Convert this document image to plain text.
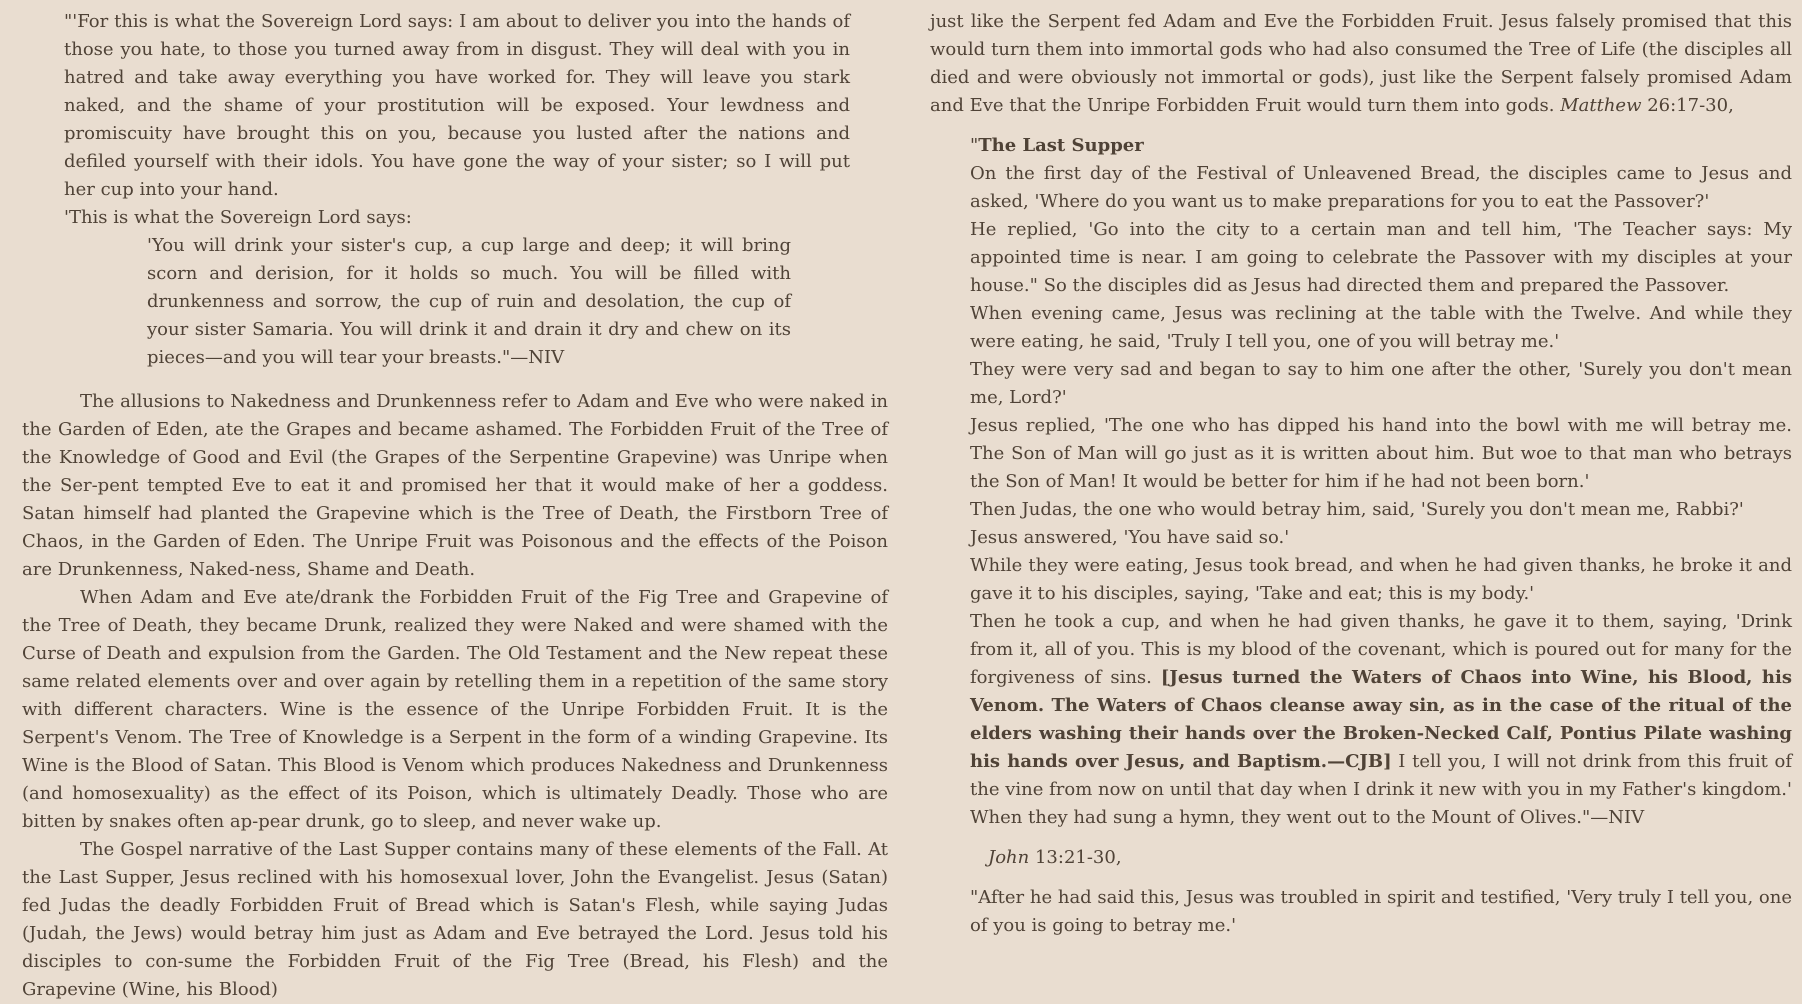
"'For this is what the Sovereign Lord says: I am about to deliver you into the hands of those you hate, to those you turned away from in disgust. They will deal with you in hatred and take away everything you have worked for. They will leave you stark naked, and the shame of your prostitution will be exposed. Your lewdness and promiscuity have brought this on you, because you lusted after the nations and defiled yourself with their idols. You have gone the way of your sister; so I will put her cup into your hand.

'This is what the Sovereign Lord says:

'You will drink your sister's cup, a cup large and deep; it will bring scorn and derision, for it holds so much. You will be filled with drunkenness and sorrow, the cup of ruin and desolation, the cup of your sister Samaria. You will drink it and drain it dry and chew on its pieces—and you will tear your breasts."—NIV

The allusions to Nakedness and Drunkenness refer to Adam and Eve who were naked in the Garden of Eden, ate the Grapes and became ashamed. The Forbidden Fruit of the Tree of the Knowledge of Good and Evil (the Grapes of the Serpentine Grapevine) was Unripe when the Ser-pent tempted Eve to eat it and promised her that it would make of her a goddess. Satan himself had planted the Grapevine which is the Tree of Death, the Firstborn Tree of Chaos, in the Garden of Eden. The Unripe Fruit was Poisonous and the effects of the Poison are Drunkenness, Naked-ness, Shame and Death.

When Adam and Eve ate/drank the Forbidden Fruit of the Fig Tree and Grapevine of the Tree of Death, they became Drunk, realized they were Naked and were shamed with the Curse of Death and expulsion from the Garden. The Old Testament and the New repeat these same related elements over and over again by retelling them in a repetition of the same story with different characters. Wine is the essence of the Unripe Forbidden Fruit. It is the Serpent's Venom. The Tree of Knowledge is a Serpent in the form of a winding Grapevine. Its Wine is the Blood of Satan. This Blood is Venom which produces Nakedness and Drunkenness (and homosexuality) as the effect of its Poison, which is ultimately Deadly. Those who are bitten by snakes often ap-pear drunk, go to sleep, and never wake up.

The Gospel narrative of the Last Supper contains many of these elements of the Fall. At the Last Supper, Jesus reclined with his homosexual lover, John the Evangelist. Jesus (Satan) fed Judas the deadly Forbidden Fruit of Bread which is Satan's Flesh, while saying Judas (Judah, the Jews) would betray him just as Adam and Eve betrayed the Lord. Jesus told his disciples to con-sume the Forbidden Fruit of the Fig Tree (Bread, his Flesh) and the Grapevine (Wine, his Blood)

just like the Serpent fed Adam and Eve the Forbidden Fruit. Jesus falsely promised that this would turn them into immortal gods who had also consumed the Tree of Life (the disciples all died and were obviously not immortal or gods), just like the Serpent falsely promised Adam and Eve that the Unripe Forbidden Fruit would turn them into gods. Matthew 26:17-30,

"The Last Supper

On the first day of the Festival of Unleavened Bread, the disciples came to Jesus and asked, 'Where do you want us to make preparations for you to eat the Passover?'

He replied, 'Go into the city to a certain man and tell him, 'The Teacher says: My appointed time is near. I am going to celebrate the Passover with my disciples at your house." So the disciples did as Jesus had directed them and prepared the Passover.

When evening came, Jesus was reclining at the table with the Twelve. And while they were eating, he said, 'Truly I tell you, one of you will betray me.'

They were very sad and began to say to him one after the other, 'Surely you don't mean me, Lord?'

Jesus replied, 'The one who has dipped his hand into the bowl with me will betray me. The Son of Man will go just as it is written about him. But woe to that man who betrays the Son of Man! It would be better for him if he had not been born.'

Then Judas, the one who would betray him, said, 'Surely you don't mean me, Rabbi?'

Jesus answered, 'You have said so.'

While they were eating, Jesus took bread, and when he had given thanks, he broke it and gave it to his disciples, saying, 'Take and eat; this is my body.'

Then he took a cup, and when he had given thanks, he gave it to them, saying, 'Drink from it, all of you. This is my blood of the covenant, which is poured out for many for the forgiveness of sins. [Jesus turned the Waters of Chaos into Wine, his Blood, his Venom. The Waters of Chaos cleanse away sin, as in the case of the ritual of the elders washing their hands over the Broken-Necked Calf, Pontius Pilate washing his hands over Jesus, and Baptism.—CJB] I tell you, I will not drink from this fruit of the vine from now on until that day when I drink it new with you in my Father's kingdom.'

When they had sung a hymn, they went out to the Mount of Olives."—NIV

John 13:21-30,

"After he had said this, Jesus was troubled in spirit and testified, 'Very truly I tell you, one of you is going to betray me.'
